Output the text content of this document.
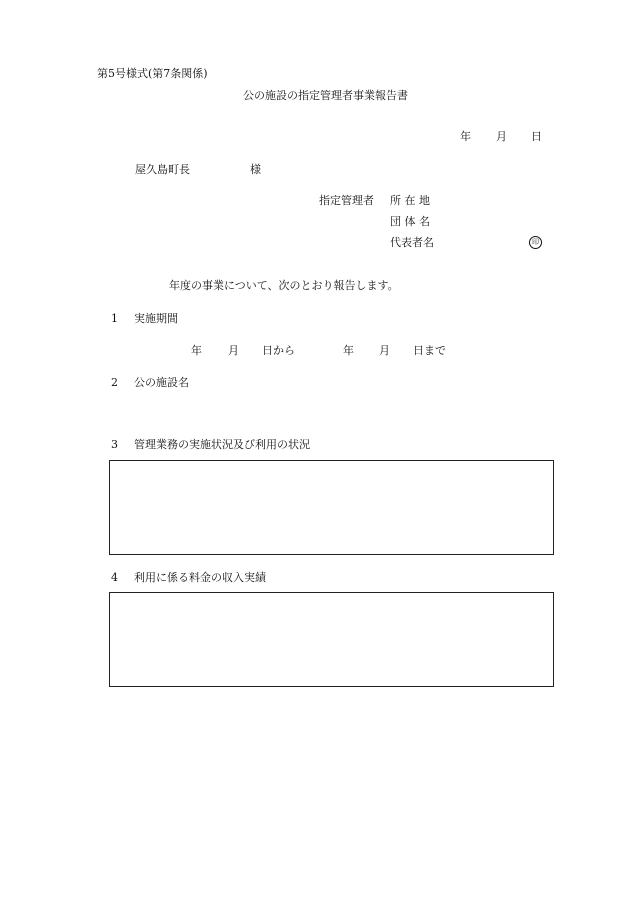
第5号様式(第7条関係)
公の施設の指定管理者事業報告書
年 月 日
屋久島町長	様
指定管理者 所 在 地
団 体 名
代表者名	印
年度の事業について、次のとおり報告します。
1 実施期間
年 月 日から	年 月 日まで
2 公の施設名
3 管理業務の実施状況及び利用の状況
4 利用に係る料金の収入実績
